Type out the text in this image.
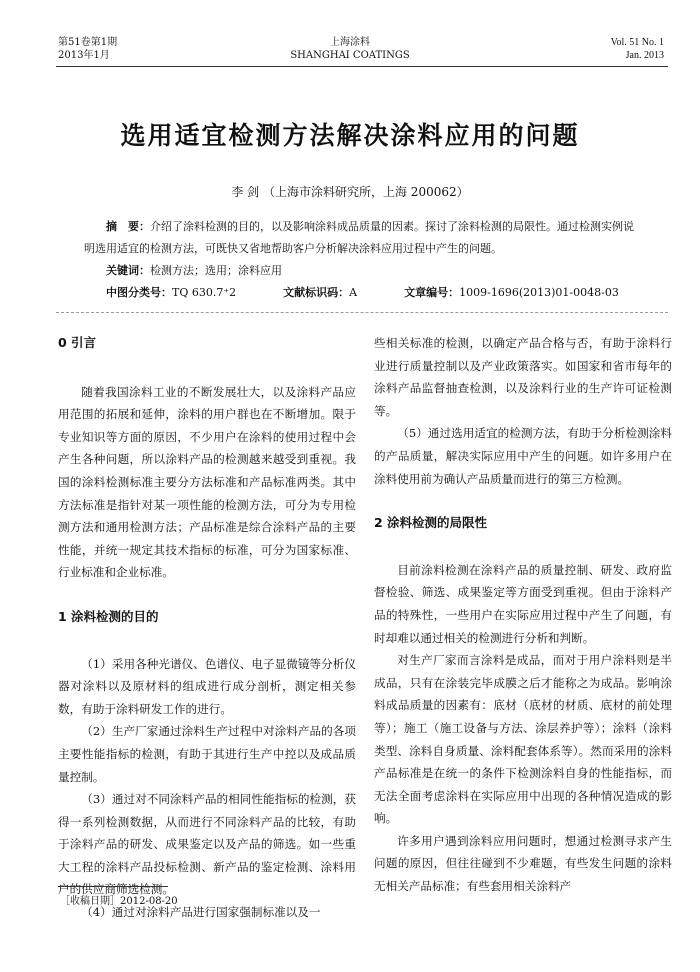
第51卷第1期
2013年1月
上海涂料
SHANGHAI COATINGS
Vol. 51 No. 1
Jan. 2013
选用适宜检测方法解决涂料应用的问题
李 剑 （上海市涂料研究所，上海 200062）

摘　要：介绍了涂料检测的目的，以及影响涂料成品质量的因素。探讨了涂料检测的局限性。通过检测实例说明选用适宜的检测方法，可既快又省地帮助客户分析解决涂料应用过程中产生的问题。

关键词：检测方法；选用；涂料应用

中图分类号：TQ 630.7⁺2	文献标识码：A	文章编号：1009-1696(2013)01-0048-03

0 引言

随着我国涂料工业的不断发展壮大，以及涂料产品应用范围的拓展和延伸，涂料的用户群也在不断增加。限于专业知识等方面的原因，不少用户在涂料的使用过程中会产生各种问题，所以涂料产品的检测越来越受到重视。我国的涂料检测标准主要分方法标准和产品标准两类。其中方法标准是指针对某一项性能的检测方法，可分为专用检测方法和通用检测方法；产品标准是综合涂料产品的主要性能，并统一规定其技术指标的标准，可分为国家标准、行业标准和企业标准。

1 涂料检测的目的

（1）采用各种光谱仪、色谱仪、电子显微镜等分析仪器对涂料以及原材料的组成进行成分剖析，测定相关参数，有助于涂料研发工作的进行。

（2）生产厂家通过涂料生产过程中对涂料产品的各项主要性能指标的检测，有助于其进行生产中控以及成品质量控制。

（3）通过对不同涂料产品的相同性能指标的检测，获得一系列检测数据，从而进行不同涂料产品的比较，有助于涂料产品的研发、成果鉴定以及产品的筛选。如一些重大工程的涂料产品投标检测、新产品的鉴定检测、涂料用户的供应商筛选检测。

（4）通过对涂料产品进行国家强制标准以及一

些相关标准的检测，以确定产品合格与否，有助于涂料行业进行质量控制以及产业政策落实。如国家和省市每年的涂料产品监督抽查检测，以及涂料行业的生产许可证检测等。

（5）通过选用适宜的检测方法，有助于分析检测涂料的产品质量，解决实际应用中产生的问题。如许多用户在涂料使用前为确认产品质量而进行的第三方检测。

2 涂料检测的局限性

目前涂料检测在涂料产品的质量控制、研发、政府监督检验、筛选、成果鉴定等方面受到重视。但由于涂料产品的特殊性，一些用户在实际应用过程中产生了问题，有时却难以通过相关的检测进行分析和判断。

对生产厂家而言涂料是成品，而对于用户涂料则是半成品，只有在涂装完毕成膜之后才能称之为成品。影响涂料成品质量的因素有：底材（底材的材质、底材的前处理等）；施工（施工设备与方法、涂层养护等）；涂料（涂料类型、涂料自身质量、涂料配套体系等）。然而采用的涂料产品标准是在统一的条件下检测涂料自身的性能指标，而无法全面考虑涂料在实际应用中出现的各种情况造成的影响。

许多用户遇到涂料应用问题时，想通过检测寻求产生问题的原因，但往往碰到不少难题，有些发生问题的涂料无相关产品标准；有些套用相关涂料产

［收稿日期］2012-08-20
